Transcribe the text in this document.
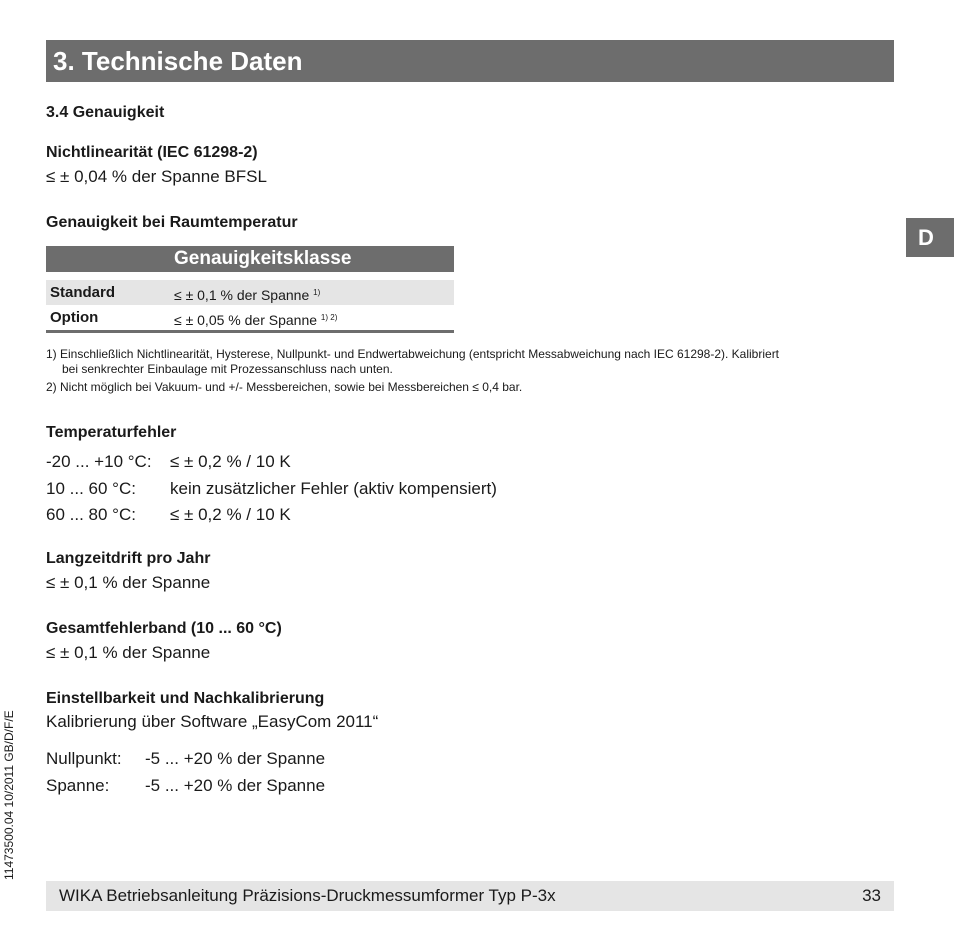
3. Technische Daten
D
3.4 Genauigkeit
Nichtlinearität (IEC 61298-2)
≤ ± 0,04 % der Spanne BFSL
Genauigkeit bei Raumtemperatur
Genauigkeitsklasse
Standard	≤ ± 0,1 % der Spanne $^{1)}$
Option	≤ ± 0,05 % der Spanne $^{1) 2)}$
1) Einschließlich Nichtlinearität, Hysterese, Nullpunkt- und Endwertabweichung (entspricht Messabweichung nach IEC 61298-2). Kalibriert
bei senkrechter Einbaulage mit Prozessanschluss nach unten.
2) Nicht möglich bei Vakuum- und +/- Messbereichen, sowie bei Messbereichen ≤ 0,4 bar.
Temperaturfehler
-20 ... +10 °C: ≤ ± 0,2 % / 10 K
10 ... 60 °C: kein zusätzlicher Fehler (aktiv kompensiert)
60 ... 80 °C: ≤ ± 0,2 % / 10 K
Langzeitdrift pro Jahr
≤ ± 0,1 % der Spanne
Gesamtfehlerband (10 ... 60 °C)
≤ ± 0,1 % der Spanne
Einstellbarkeit und Nachkalibrierung
Kalibrierung über Software „EasyCom 2011“
Nullpunkt: -5 ... +20 % der Spanne
Spanne: -5 ... +20 % der Spanne
11473500.04 10/2011 GB/D/F/E
WIKA Betriebsanleitung Präzisions-Druckmessumformer Typ P-3x	33
